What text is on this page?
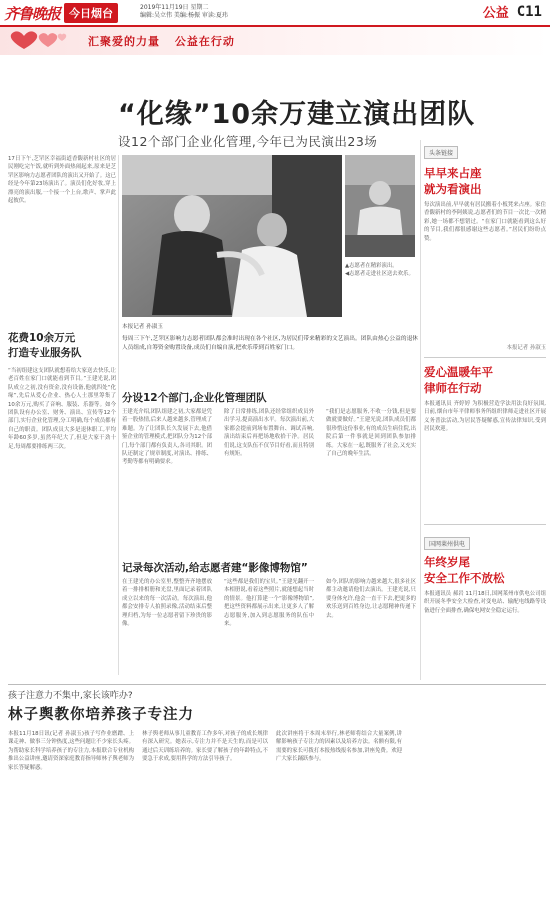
齐鲁晚报 今日烟台	2019年11月19日 星期二
编辑:吴立伟 美编:杨振 审读:夏玮	公益 C11
汇聚爱的力量 公益在行动
“化缘”10余万建立演出团队
设12个部门企业化管理,今年已为民演出23场
17日下午,芝罘区幸福街道香馥新村社区的居民刚吃完午饭,就听到外面热闹起来,原来是芝罘区影响力志愿者团队的演出又开始了。这已经是今年第23场演出了。演员们化好妆,穿上漂亮的演出服,一个接一个上台,歌声、掌声此起彼伏。
花费10余万元
打造专业服务队
“当初组建这支团队就想着给大家送去快乐,让老百姓在家门口就能看到节目。”王建光说,团队成立之初,没有资金,没有设备,他就四处“化缘”,先后从爱心企业、热心人士那里筹集了10余万元,购买了音响、服装、乐器等。如今团队设有办公室、财务、演出、宣传等12个部门,实行企业化管理,分工明确,每个成员都有自己的职责。团队成员大多是退休职工,平均年龄60多岁,虽然年纪大了,但是大家干劲十足,每周都要排练两三次。
▲志愿者在精彩演出。
◀志愿者走进社区送去欢乐。
本报记者 孙淑玉
每周三下午,芝罘区影响力志愿者团队都会准时出现在各个社区,为居民们带来精彩的文艺演出。团队由热心公益的退休人员组成,自筹资金购置设备,成员们自编自演,把欢乐带到百姓家门口。
分设12个部门,企业化管理团队
王建光介绍,团队组建之初,大家都是凭着一股热情,后来人越来越多,管理成了难题。为了让团队长久发展下去,他借鉴企业的管理模式,把团队分为12个部门,每个部门都有负责人,各司其职。团队还制定了规章制度,对演出、排练、考勤等都有明确要求。
除了日常排练,团队还经常组织成员外出学习,提高演出水平。每次演出前,大家都会提前到场布置舞台、调试音响,演出结束后再把场地收拾干净。居民们说,这支队伍不仅节目好看,而且特别有规矩。
“我们是志愿服务,不收一分钱,但是要做就要做好。”王建光说,团队成员们都很珍惜这份事业,有的成员生病住院,出院后第一件事就是回到团队参加排练。大家在一起,既服务了社会,又充实了自己的晚年生活。
记录每次活动,给志愿者建“影像博物馆”
在王建光的办公室里,整整齐齐地摆放着一排排相册和光盘,里面记录着团队成立以来的每一次活动。每次演出,他都会安排专人拍照录像,活动结束后整理归档,为每一位志愿者留下珍贵的影像。
“这些都是我们的宝贝。”王建光翻开一本相册说,看着这些照片,就能想起当时的情景。他打算建一个“影像博物馆”,把这些资料都展示出来,让更多人了解志愿服务,加入到志愿服务的队伍中来。
如今,团队的影响力越来越大,很多社区都主动邀请他们去演出。王建光说,只要身体允许,他会一直干下去,把更多的欢乐送到百姓身边,让志愿精神传递下去。
头条链接
早早来占座
就为看演出
每次演出前,早早就有居民搬着小板凳来占座。家住香馥新村的李阿姨说,志愿者们的节目一次比一次精彩,她一场都不想错过。“在家门口就能看到这么好的节目,我们都很感谢这些志愿者。”居民们纷纷点赞。
本报记者 孙淑玉
爱心温暖年平
律师在行动
本报通讯员 齐婷婷 为积极营造学法用法良好氛围,日前,烟台市年平律师事务所组织律师走进社区开展义务普法活动,为居民答疑解惑,宣传法律知识,受到居民欢迎。
国网莱州供电
年终岁尾
安全工作不放松
本报通讯员 郝岩 11月18日,国网莱州市供电公司组织开展冬季安全大检查,对变电站、输配电线路等设备进行全面排查,确保电网安全稳定运行。
孩子注意力不集中,家长该咋办?
林子舆教你培养孩子专注力
本报11月18日讯(记者 孙淑玉)孩子写作业磨蹭、上课走神、做事三分钟热度,这些问题让不少家长头疼。为帮助家长科学培养孩子的专注力,本报联合专业机构推出公益讲座,邀请资深家庭教育指导师林子舆老师为家长答疑解惑。
林子舆老师从事儿童教育工作多年,对孩子的成长规律有深入研究。她表示,专注力并不是天生的,而是可以通过后天训练培养的。家长要了解孩子的年龄特点,不要急于求成,要用科学的方法引导孩子。
此次讲座将于本周末举行,林老师将结合大量案例,讲解影响孩子专注力的因素以及培养方法。名额有限,有需要的家长可拨打本报热线报名参加,讲座免费。欢迎广大家长踊跃参与。
